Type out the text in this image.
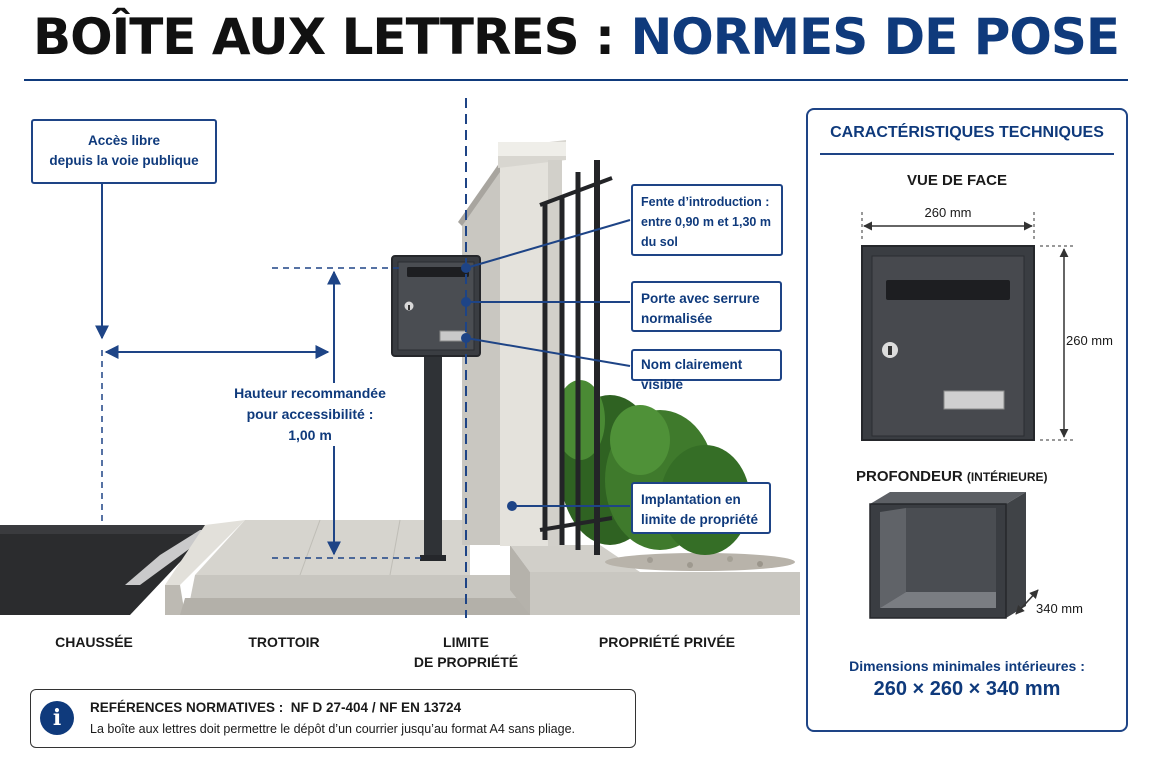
BOÎTE AUX LETTRES : NORMES DE POSE
Accès libre
depuis la voie publique
Fente d’introduction :
entre 0,90 m et 1,30 m
du sol
Porte avec serrure
normalisée
Nom clairement visible
Implantation en
limite de propriété
Hauteur recommandée
pour accessibilité :
1,00 m
CHAUSSÉE	TROTTOIR	LIMITE
DE PROPRIÉTÉ
PROPRIÉTÉ PRIVÉE
CARACTÉRISTIQUES TECHNIQUES
VUE DE FACE
260 mm
260 mm
PROFONDEUR (INTÉRIEURE)
340 mm
Dimensions minimales intérieures :
260 × 260 × 340 mm
i	REFÉRENCES NORMATIVES : NF D 27-404 / NF EN 13724
La boîte aux lettres doit permettre le dépôt d’un courrier jusqu’au format A4 sans pliage.
